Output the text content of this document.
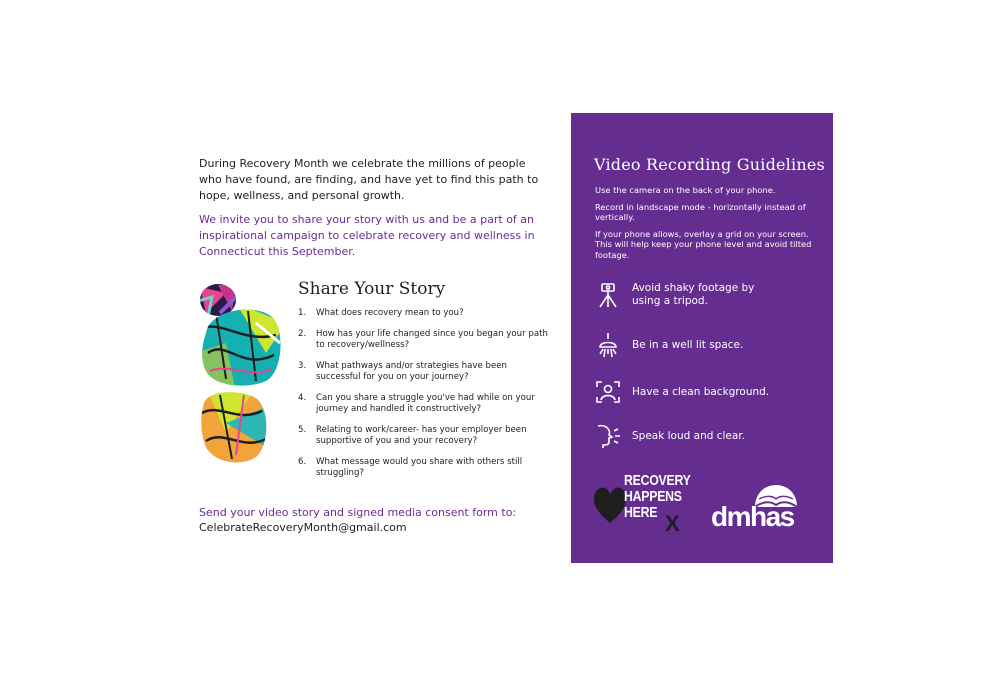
During Recovery Month we celebrate the millions of people who have found, are finding, and have yet to find this path to hope, wellness, and personal growth.

We invite you to share your story with us and be a part of an inspirational campaign to celebrate recovery and wellness in Connecticut this September.

Share Your Story
1. What does recovery mean to you?
2. How has your life changed since you began your path to recovery/wellness?
3. What pathways and/or strategies have been successful for you on your journey?
4. Can you share a struggle you've had while on your journey and handled it constructively?
5. Relating to work/career- has your employer been supportive of you and your recovery?
6. What message would you share with others still struggling?
Send your video story and signed media consent form to:
CelebrateRecoveryMonth@gmail.com
Video Recording Guidelines

Use the camera on the back of your phone.

Record in landscape mode - horizontally instead of vertically.

If your phone allows, overlay a grid on your screen. This will help keep your phone level and avoid tilted footage.

Avoid shaky footage by using a tripod.
Be in a well lit space.
Have a clean background.
Speak loud and clear.
RECOVERY
HAPPENS
HERE X dmhas
